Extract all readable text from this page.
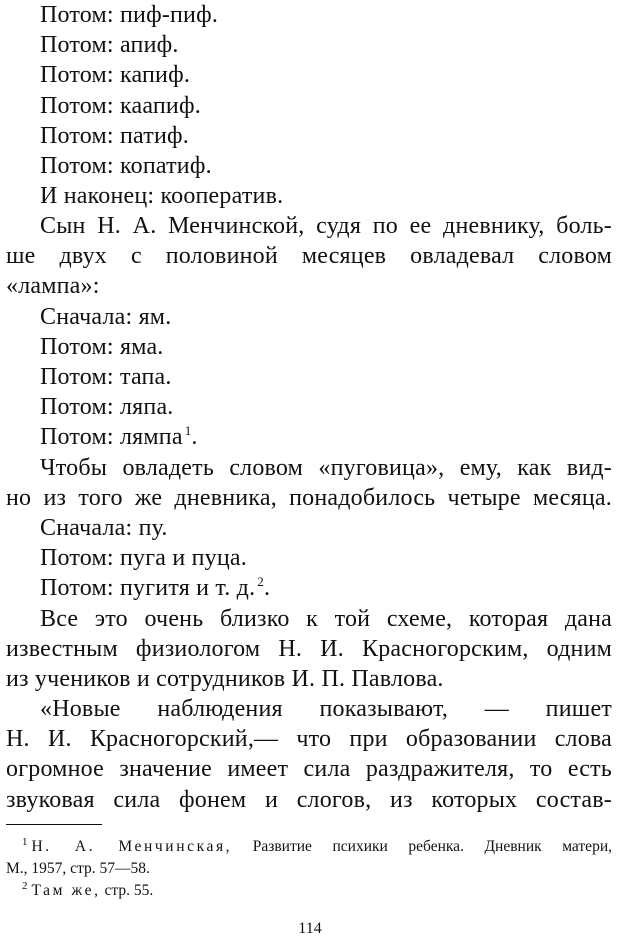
Потом: пиф-пиф.
Потом: апиф.
Потом: капиф.
Потом: каапиф.
Потом: патиф.
Потом: копатиф.
И наконец: кооператив.
Сын Н. А. Менчинской, судя по ее дневнику, боль-
ше двух с половиной месяцев овладевал словом
«лампа»:
Сначала: ям.
Потом: яма.
Потом: тапа.
Потом: ляпа.
Потом: лямпа $^1$.
Чтобы овладеть словом «пуговица», ему, как вид-
но из того же дневника, понадобилось четыре месяца.
Сначала: пу.
Потом: пуга и пуца.
Потом: пугитя и т. д. $^2$.
Все это очень близко к той схеме, которая дана
известным физиологом Н. И. Красногорским, одним
из учеников и сотрудников И. П. Павлова.
«Новые наблюдения показывают, — пишет
Н. И. Красногорский,— что при образовании слова
огромное значение имеет сила раздражителя, то есть
звуковая сила фонем и слогов, из которых состав-
$^1$ Н. А. Менчинская, Развитие психики ребенка. Дневник матери,
М., 1957, стр. 57—58.
$^2$ Там же, стр. 55.
114
